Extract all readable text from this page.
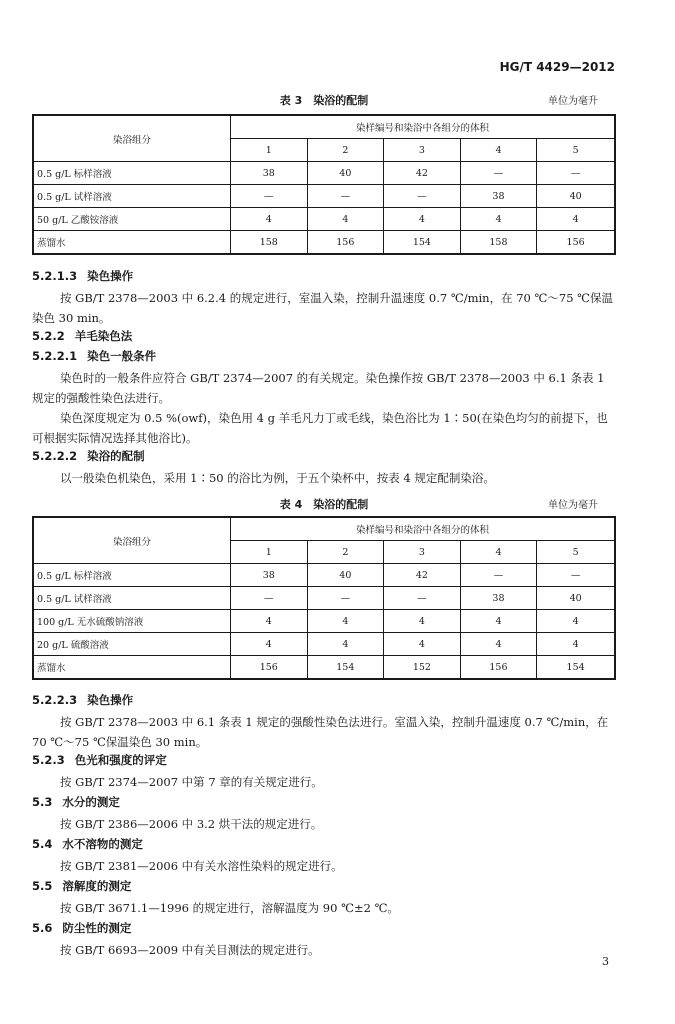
HG/T 4429—2012
表 3　染浴的配制	单位为毫升
染浴组分	染样编号和染浴中各组分的体积				
	1	2	3	4	5
0.5 g/L 标样溶液	38	40	42	—	—
0.5 g/L 试样溶液	—	—	—	38	40
50 g/L 乙酸铵溶液	4	4	4	4	4
蒸馏水	158	156	154	158	156
5.2.1.3 染色操作
按 GB/T 2378—2003 中 6.2.4 的规定进行，室温入染，控制升温速度 0.7 ℃/min，在 70 ℃～75 ℃保温染色 30 min。
5.2.2 羊毛染色法
5.2.2.1 染色一般条件
染色时的一般条件应符合 GB/T 2374—2007 的有关规定。染色操作按 GB/T 2378—2003 中 6.1 条表 1 规定的强酸性染色法进行。
染色深度规定为 0.5 %(owf)，染色用 4 g 羊毛凡力丁或毛线，染色浴比为 1∶50(在染色均匀的前提下，也可根据实际情况选择其他浴比)。
5.2.2.2 染浴的配制
以一般染色机染色，采用 1∶50 的浴比为例，于五个染杯中，按表 4 规定配制染浴。
表 4　染浴的配制	单位为毫升
染浴组分	染样编号和染浴中各组分的体积				
	1	2	3	4	5
0.5 g/L 标样溶液	38	40	42	—	—
0.5 g/L 试样溶液	—	—	—	38	40
100 g/L 无水硫酸钠溶液	4	4	4	4	4
20 g/L 硫酸溶液	4	4	4	4	4
蒸馏水	156	154	152	156	154
5.2.2.3 染色操作
按 GB/T 2378—2003 中 6.1 条表 1 规定的强酸性染色法进行。室温入染，控制升温速度 0.7 ℃/min，在 70 ℃～75 ℃保温染色 30 min。
5.2.3 色光和强度的评定
按 GB/T 2374—2007 中第 7 章的有关规定进行。
5.3 水分的测定
按 GB/T 2386—2006 中 3.2 烘干法的规定进行。
5.4 水不溶物的测定
按 GB/T 2381—2006 中有关水溶性染料的规定进行。
5.5 溶解度的测定
按 GB/T 3671.1—1996 的规定进行，溶解温度为 90 ℃±2 ℃。
5.6 防尘性的测定
按 GB/T 6693—2009 中有关目测法的规定进行。
3
